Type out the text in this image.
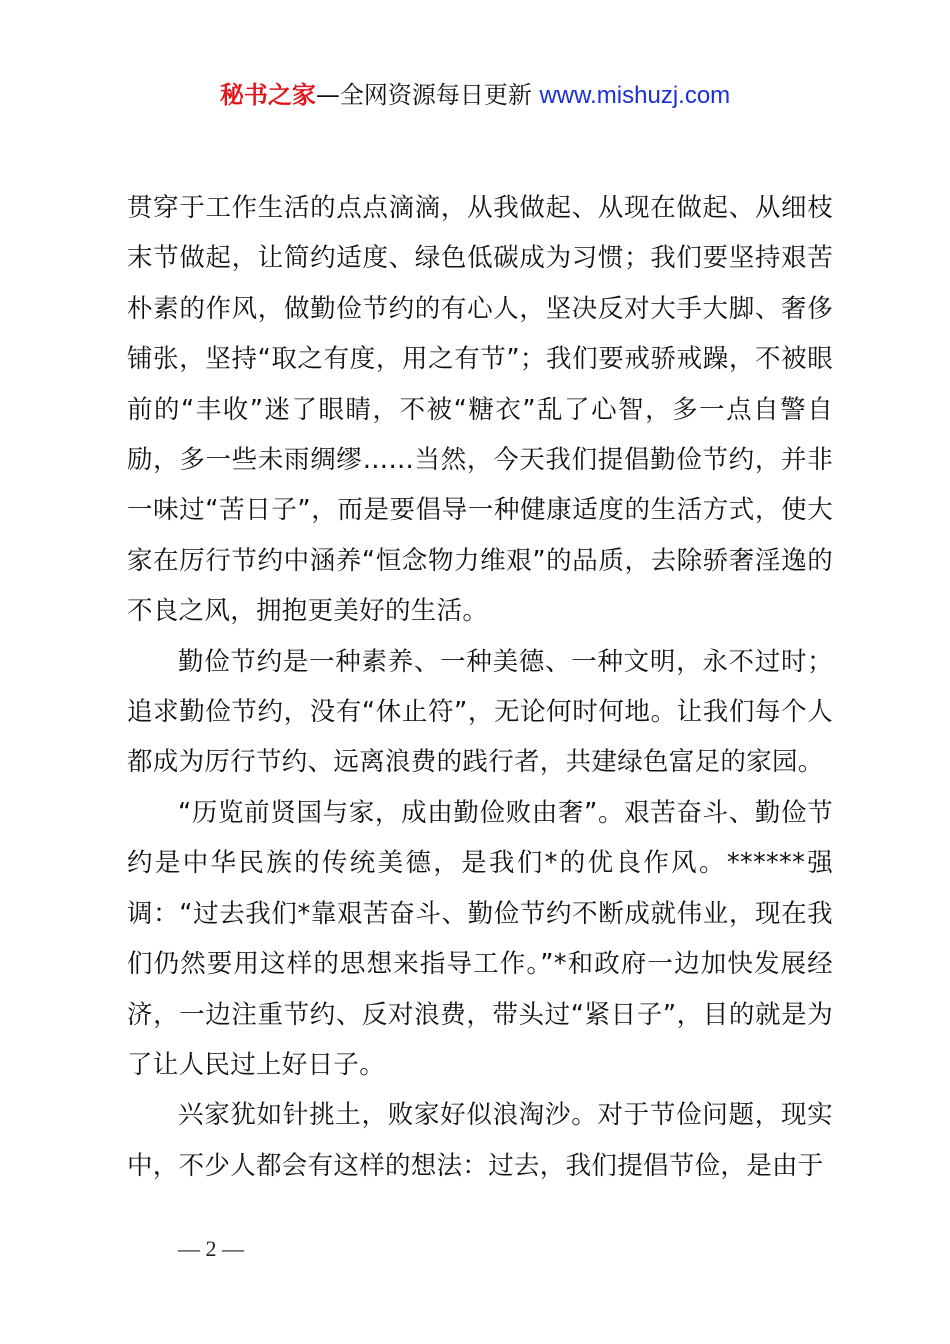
秘书之家—全网资源每日更新 www.mishuzj.com

贯穿于工作生活的点点滴滴，从我做起、从现在做起、从细枝末节做起，让简约适度、绿色低碳成为习惯；我们要坚持艰苦朴素的作风，做勤俭节约的有心人，坚决反对大手大脚、奢侈铺张，坚持“取之有度，用之有节”；我们要戒骄戒躁，不被眼前的“丰收”迷了眼睛，不被“糖衣”乱了心智，多一点自警自励，多一些未雨绸缪……当然，今天我们提倡勤俭节约，并非一味过“苦日子”，而是要倡导一种健康适度的生活方式，使大家在厉行节约中涵养“恒念物力维艰”的品质，去除骄奢淫逸的不良之风，拥抱更美好的生活。

勤俭节约是一种素养、一种美德、一种文明，永不过时；追求勤俭节约，没有“休止符”，无论何时何地。让我们每个人都成为厉行节约、远离浪费的践行者，共建绿色富足的家园。

“历览前贤国与家，成由勤俭败由奢”。艰苦奋斗、勤俭节约是中华民族的传统美德，是我们*的优良作风。******强调：“过去我们*靠艰苦奋斗、勤俭节约不断成就伟业，现在我们仍然要用这样的思想来指导工作。”*和政府一边加快发展经济，一边注重节约、反对浪费，带头过“紧日子”，目的就是为了让人民过上好日子。

兴家犹如针挑土，败家好似浪淘沙。对于节俭问题，现实中，不少人都会有这样的想法：过去，我们提倡节俭，是由于

— 2 —
